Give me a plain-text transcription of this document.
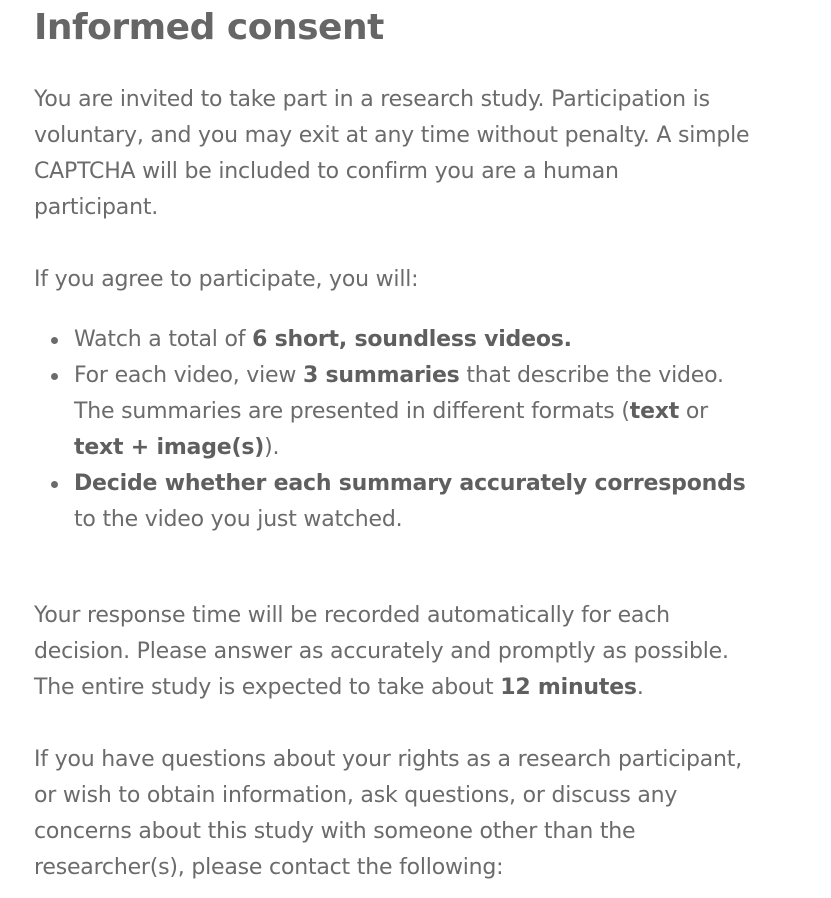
Informed consent

You are invited to take part in a research study. Participation is
voluntary, and you may exit at any time without penalty. A simple
CAPTCHA will be included to confirm you are a human
participant.

If you agree to participate, you will:

Watch a total of 6 short, soundless videos.
For each video, view 3 summaries that describe the video.
The summaries are presented in different formats (text or
text + image(s)).
Decide whether each summary accurately corresponds
to the video you just watched.

Your response time will be recorded automatically for each
decision. Please answer as accurately and promptly as possible.
The entire study is expected to take about 12 minutes.

If you have questions about your rights as a research participant,
or wish to obtain information, ask questions, or discuss any
concerns about this study with someone other than the
researcher(s), please contact the following:
